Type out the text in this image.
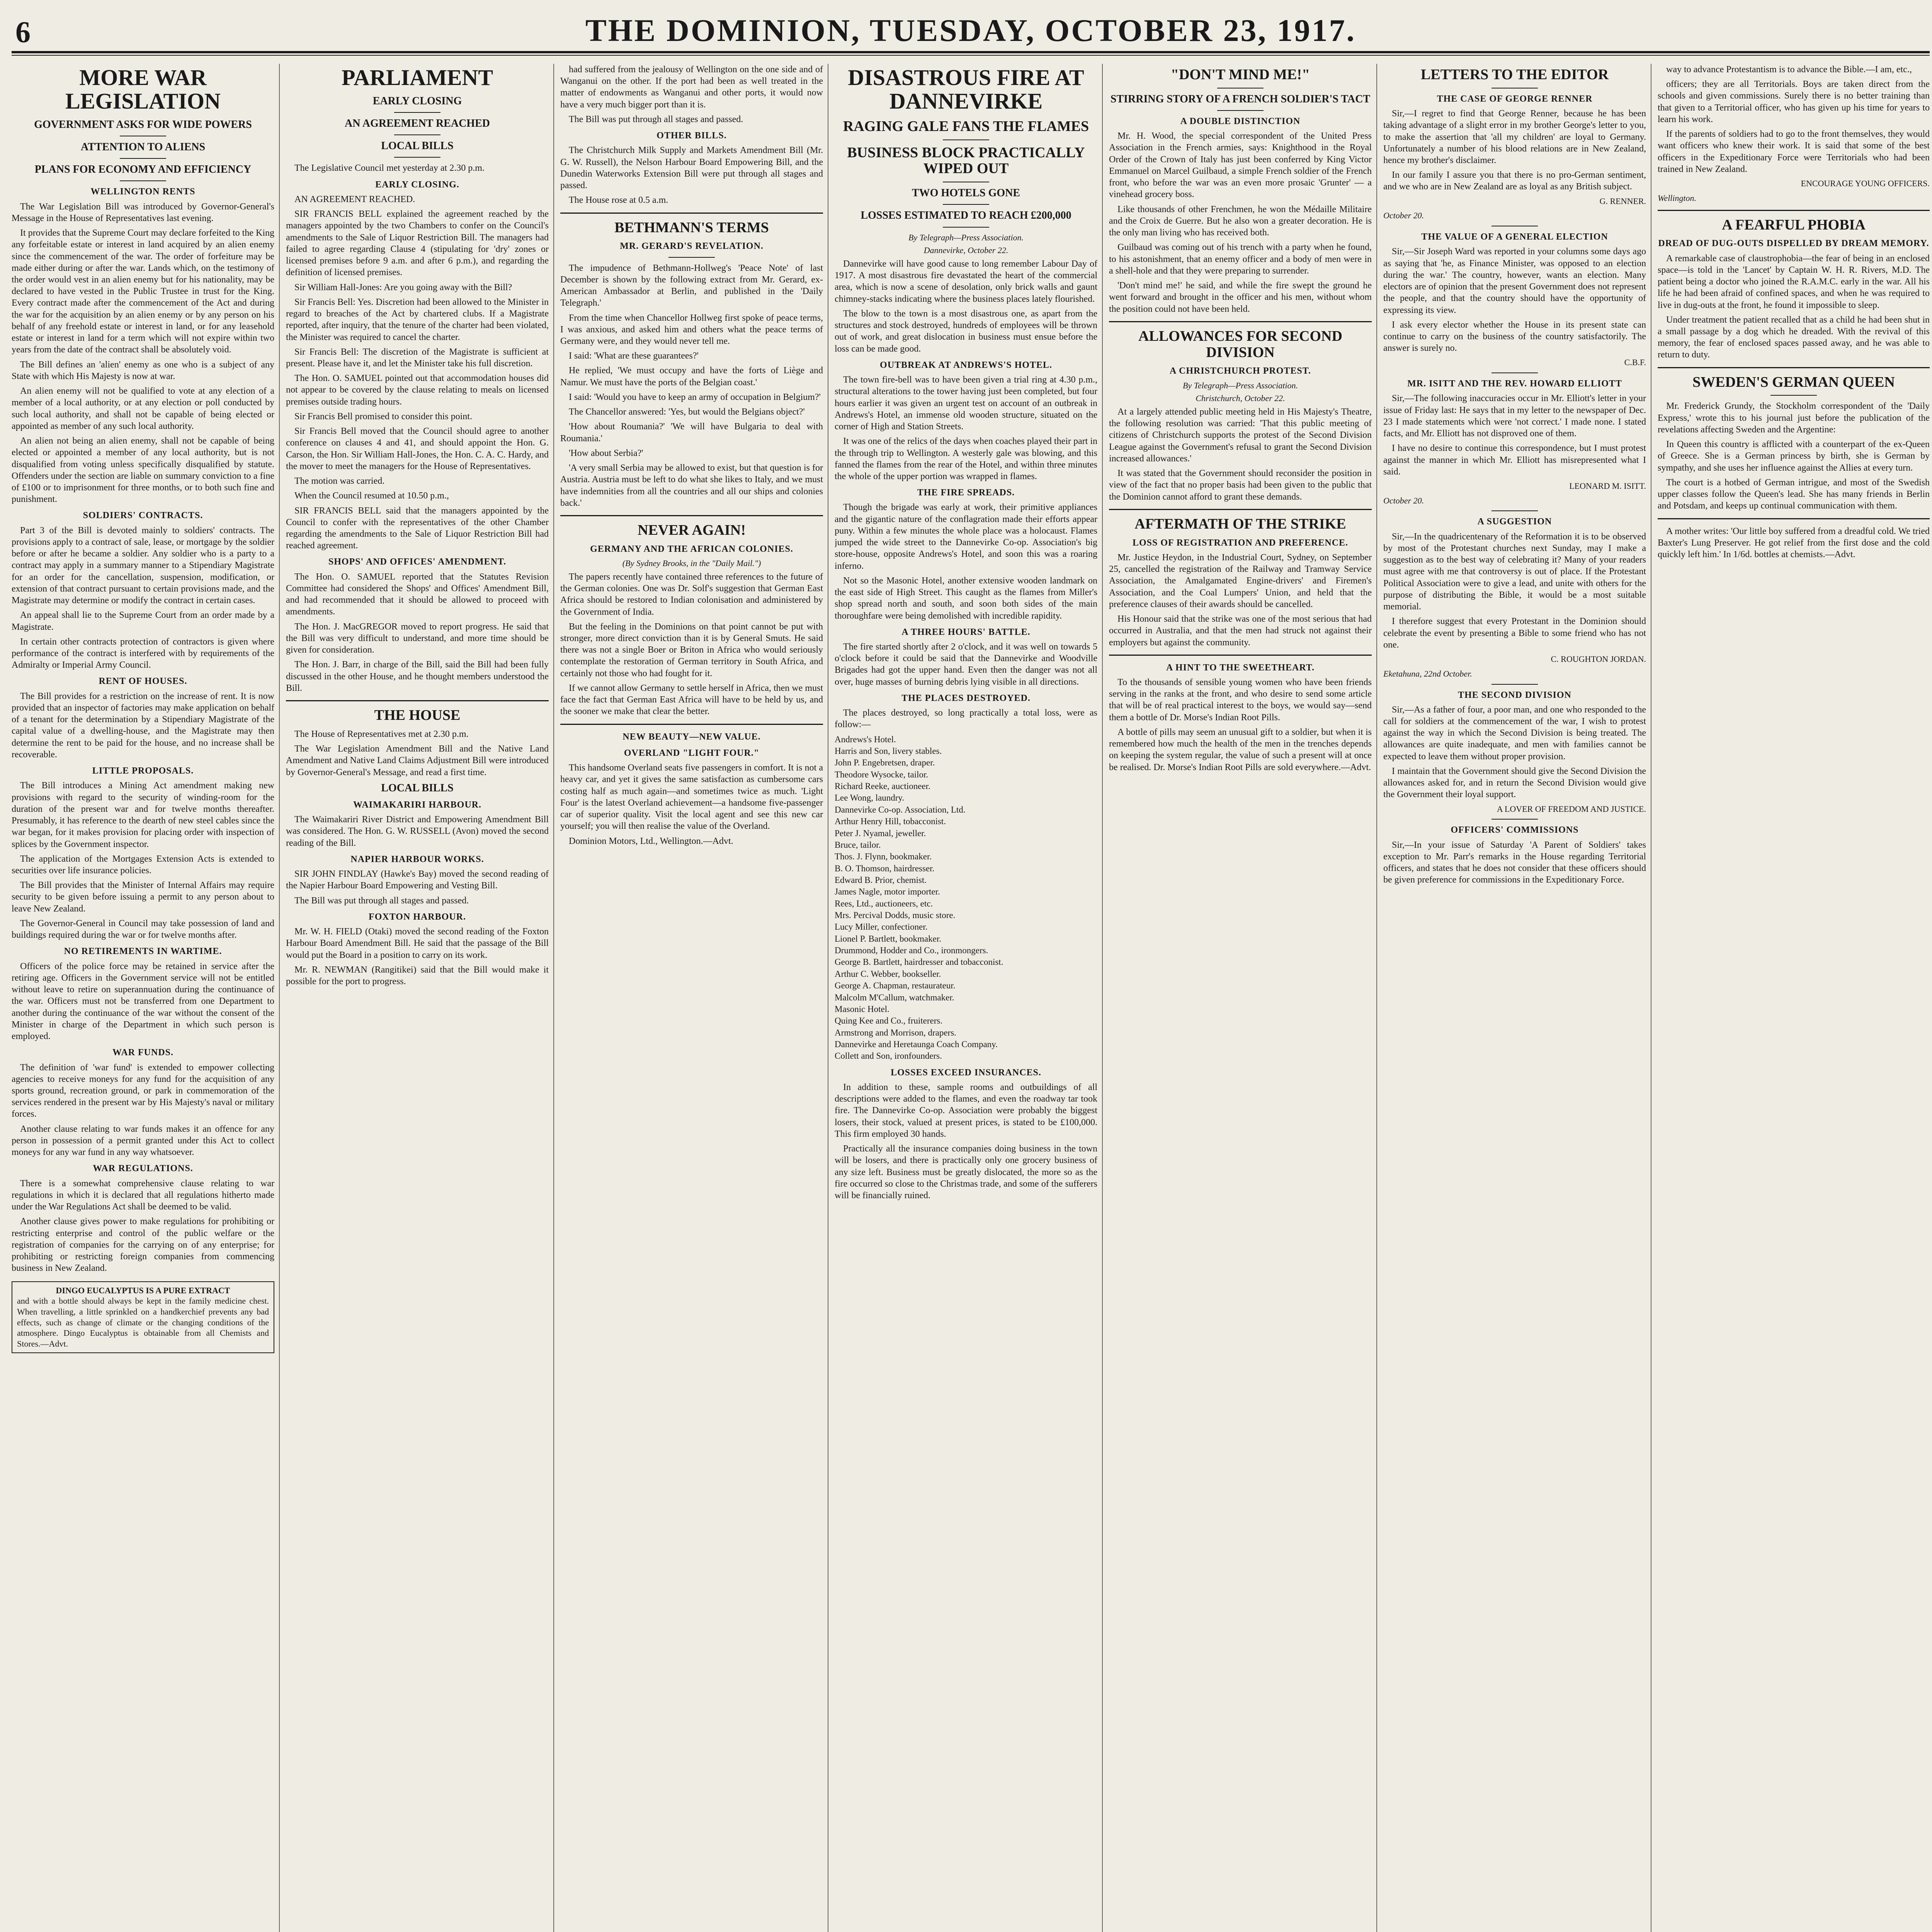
6	THE DOMINION, TUESDAY, OCTOBER 23, 1917.
MORE WAR LEGISLATION
GOVERNMENT ASKS FOR WIDE POWERS
ATTENTION TO ALIENS
PLANS FOR ECONOMY AND EFFICIENCY
WELLINGTON RENTS

The War Legislation Bill was introduced by Governor-General's Message in the House of Representatives last evening.

It provides that the Supreme Court may declare forfeited to the King any forfeitable estate or interest in land acquired by an alien enemy since the commencement of the war. The order of forfeiture may be made either during or after the war. Lands which, on the testimony of the order would vest in an alien enemy but for his nationality, may be declared to have vested in the Public Trustee in trust for the King. Every contract made after the commencement of the Act and during the war for the acquisition by an alien enemy or by any person on his behalf of any freehold estate or interest in land, or for any leasehold estate or interest in land for a term which will not expire within two years from the date of the contract shall be absolutely void.

The Bill defines an 'alien' enemy as one who is a subject of any State with which His Majesty is now at war.

An alien enemy will not be qualified to vote at any election of a member of a local authority, or at any election or poll conducted by such local authority, and shall not be capable of being elected or appointed as member of any such local authority.

An alien not being an alien enemy, shall not be capable of being elected or appointed a member of any local authority, but is not disqualified from voting unless specifically disqualified by statute. Offenders under the section are liable on summary conviction to a fine of £100 or to imprisonment for three months, or to both such fine and punishment.

SOLDIERS' CONTRACTS.

Part 3 of the Bill is devoted mainly to soldiers' contracts. The provisions apply to a contract of sale, lease, or mortgage by the soldier before or after he became a soldier. Any soldier who is a party to a contract may apply in a summary manner to a Stipendiary Magistrate for an order for the cancellation, suspension, modification, or extension of that contract pursuant to certain provisions made, and the Magistrate may determine or modify the contract in certain cases.

An appeal shall lie to the Supreme Court from an order made by a Magistrate.

In certain other contracts protection of contractors is given where performance of the contract is interfered with by requirements of the Admiralty or Imperial Army Council.

RENT OF HOUSES.

The Bill provides for a restriction on the increase of rent. It is now provided that an inspector of factories may make application on behalf of a tenant for the determination by a Stipendiary Magistrate of the capital value of a dwelling-house, and the Magistrate may then determine the rent to be paid for the house, and no increase shall be recoverable.

LITTLE PROPOSALS.

The Bill introduces a Mining Act amendment making new provisions with regard to the security of winding-room for the duration of the present war and for twelve months thereafter. Presumably, it has reference to the dearth of new steel cables since the war began, for it makes provision for placing order with inspection of splices by the Government inspector.

The application of the Mortgages Extension Acts is extended to securities over life insurance policies.

The Bill provides that the Minister of Internal Affairs may require security to be given before issuing a permit to any person about to leave New Zealand.

The Governor-General in Council may take possession of land and buildings required during the war or for twelve months after.

NO RETIREMENTS IN WARTIME.

Officers of the police force may be retained in service after the retiring age. Officers in the Government service will not be entitled without leave to retire on superannuation during the continuance of the war. Officers must not be transferred from one Department to another during the continuance of the war without the consent of the Minister in charge of the Department in which such person is employed.

WAR FUNDS.

The definition of 'war fund' is extended to empower collecting agencies to receive moneys for any fund for the acquisition of any sports ground, recreation ground, or park in commemoration of the services rendered in the present war by His Majesty's naval or military forces.

Another clause relating to war funds makes it an offence for any person in possession of a permit granted under this Act to collect moneys for any war fund in any way whatsoever.

WAR REGULATIONS.

There is a somewhat comprehensive clause relating to war regulations in which it is declared that all regulations hitherto made under the War Regulations Act shall be deemed to be valid.

Another clause gives power to make regulations for prohibiting or restricting enterprise and control of the public welfare or the registration of companies for the carrying on of any enterprise; for prohibiting or restricting foreign companies from commencing business in New Zealand.

DINGO EUCALYPTUS IS A PURE EXTRACT
and with a bottle should always be kept in the family medicine chest. When travelling, a little sprinkled on a handkerchief prevents any bad effects, such as change of climate or the changing conditions of the atmosphere. Dingo Eucalyptus is obtainable from all Chemists and Stores.—Advt.
PARLIAMENT
EARLY CLOSING
AN AGREEMENT REACHED
LOCAL BILLS

The Legislative Council met yesterday at 2.30 p.m.

EARLY CLOSING.

AN AGREEMENT REACHED.

SIR FRANCIS BELL explained the agreement reached by the managers appointed by the two Chambers to confer on the Council's amendments to the Sale of Liquor Restriction Bill. The managers had failed to agree regarding Clause 4 (stipulating for 'dry' zones or licensed premises before 9 a.m. and after 6 p.m.), and regarding the definition of licensed premises.

Sir William Hall-Jones: Are you going away with the Bill?

Sir Francis Bell: Yes. Discretion had been allowed to the Minister in regard to breaches of the Act by chartered clubs. If a Magistrate reported, after inquiry, that the tenure of the charter had been violated, the Minister was required to cancel the charter.

Sir Francis Bell: The discretion of the Magistrate is sufficient at present. Please have it, and let the Minister take his full discretion.

The Hon. O. SAMUEL pointed out that accommodation houses did not appear to be covered by the clause relating to meals on licensed premises outside trading hours.

Sir Francis Bell promised to consider this point.

Sir Francis Bell moved that the Council should agree to another conference on clauses 4 and 41, and should appoint the Hon. G. Carson, the Hon. Sir William Hall-Jones, the Hon. C. A. C. Hardy, and the mover to meet the managers for the House of Representatives.

The motion was carried.

When the Council resumed at 10.50 p.m.,

SIR FRANCIS BELL said that the managers appointed by the Council to confer with the representatives of the other Chamber regarding the amendments to the Sale of Liquor Restriction Bill had reached agreement.

SHOPS' AND OFFICES' AMENDMENT.

The Hon. O. SAMUEL reported that the Statutes Revision Committee had considered the Shops' and Offices' Amendment Bill, and had recommended that it should be allowed to proceed with amendments.

The Hon. J. MacGREGOR moved to report progress. He said that the Bill was very difficult to understand, and more time should be given for consideration.

The Hon. J. Barr, in charge of the Bill, said the Bill had been fully discussed in the other House, and he thought members understood the Bill.

THE HOUSE

The House of Representatives met at 2.30 p.m.

The War Legislation Amendment Bill and the Native Land Amendment and Native Land Claims Adjustment Bill were introduced by Governor-General's Message, and read a first time.

LOCAL BILLS
WAIMAKARIRI HARBOUR.

The Waimakariri River District and Empowering Amendment Bill was considered. The Hon. G. W. RUSSELL (Avon) moved the second reading of the Bill.

NAPIER HARBOUR WORKS.

SIR JOHN FINDLAY (Hawke's Bay) moved the second reading of the Napier Harbour Board Empowering and Vesting Bill.

The Bill was put through all stages and passed.

FOXTON HARBOUR.

Mr. W. H. FIELD (Otaki) moved the second reading of the Foxton Harbour Board Amendment Bill. He said that the passage of the Bill would put the Board in a position to carry on its work.

Mr. R. NEWMAN (Rangitikei) said that the Bill would make it possible for the port to progress.

had suffered from the jealousy of Wellington on the one side and of Wanganui on the other. If the port had been as well treated in the matter of endowments as Wanganui and other ports, it would now have a very much bigger port than it is.

The Bill was put through all stages and passed.

OTHER BILLS.

The Christchurch Milk Supply and Markets Amendment Bill (Mr. G. W. Russell), the Nelson Harbour Board Empowering Bill, and the Dunedin Waterworks Extension Bill were put through all stages and passed.

The House rose at 0.5 a.m.

BETHMANN'S TERMS
MR. GERARD'S REVELATION.

The impudence of Bethmann-Hollweg's 'Peace Note' of last December is shown by the following extract from Mr. Gerard, ex-American Ambassador at Berlin, and published in the 'Daily Telegraph.'

From the time when Chancellor Hollweg first spoke of peace terms, I was anxious, and asked him and others what the peace terms of Germany were, and they would never tell me.

I said: 'What are these guarantees?'

He replied, 'We must occupy and have the forts of Liège and Namur. We must have the ports of the Belgian coast.'

I said: 'Would you have to keep an army of occupation in Belgium?'

The Chancellor answered: 'Yes, but would the Belgians object?'

'How about Roumania?' 'We will have Bulgaria to deal with Roumania.'

'How about Serbia?'

'A very small Serbia may be allowed to exist, but that question is for Austria. Austria must be left to do what she likes to Italy, and we must have indemnities from all the countries and all our ships and colonies back.'

NEVER AGAIN!
GERMANY AND THE AFRICAN COLONIES.
(By Sydney Brooks, in the "Daily Mail.")

The papers recently have contained three references to the future of the German colonies. One was Dr. Solf's suggestion that German East Africa should be restored to Indian colonisation and administered by the Government of India.

But the feeling in the Dominions on that point cannot be put with stronger, more direct conviction than it is by General Smuts. He said there was not a single Boer or Briton in Africa who would seriously contemplate the restoration of German territory in South Africa, and certainly not those who had fought for it.

If we cannot allow Germany to settle herself in Africa, then we must face the fact that German East Africa will have to be held by us, and the sooner we make that clear the better.

NEW BEAUTY—NEW VALUE.
OVERLAND "LIGHT FOUR."

This handsome Overland seats five passengers in comfort. It is not a heavy car, and yet it gives the same satisfaction as cumbersome cars costing half as much again—and sometimes twice as much. 'Light Four' is the latest Overland achievement—a handsome five-passenger car of superior quality. Visit the local agent and see this new car yourself; you will then realise the value of the Overland.

Dominion Motors, Ltd., Wellington.—Advt.

DISASTROUS FIRE AT DANNEVIRKE
RAGING GALE FANS THE FLAMES
BUSINESS BLOCK PRACTICALLY WIPED OUT
TWO HOTELS GONE
LOSSES ESTIMATED TO REACH £200,000
By Telegraph—Press Association.
Dannevirke, October 22.

Dannevirke will have good cause to long remember Labour Day of 1917. A most disastrous fire devastated the heart of the commercial area, which is now a scene of desolation, only brick walls and gaunt chimney-stacks indicating where the business places lately flourished.

The blow to the town is a most disastrous one, as apart from the structures and stock destroyed, hundreds of employees will be thrown out of work, and great dislocation in business must ensue before the loss can be made good.

OUTBREAK AT ANDREWS'S HOTEL.

The town fire-bell was to have been given a trial ring at 4.30 p.m., structural alterations to the tower having just been completed, but four hours earlier it was given an urgent test on account of an outbreak in Andrews's Hotel, an immense old wooden structure, situated on the corner of High and Station Streets.

It was one of the relics of the days when coaches played their part in the through trip to Wellington. A westerly gale was blowing, and this fanned the flames from the rear of the Hotel, and within three minutes the whole of the upper portion was wrapped in flames.

THE FIRE SPREADS.

Though the brigade was early at work, their primitive appliances and the gigantic nature of the conflagration made their efforts appear puny. Within a few minutes the whole place was a holocaust. Flames jumped the wide street to the Dannevirke Co-op. Association's big store-house, opposite Andrews's Hotel, and soon this was a roaring inferno.

Not so the Masonic Hotel, another extensive wooden landmark on the east side of High Street. This caught as the flames from Miller's shop spread north and south, and soon both sides of the main thoroughfare were being demolished with incredible rapidity.

A THREE HOURS' BATTLE.

The fire started shortly after 2 o'clock, and it was well on towards 5 o'clock before it could be said that the Dannevirke and Woodville Brigades had got the upper hand. Even then the danger was not all over, huge masses of burning debris lying visible in all directions.

THE PLACES DESTROYED.

The places destroyed, so long practically a total loss, were as follow:—

Andrews's Hotel.
Harris and Son, livery stables.
John P. Engebretsen, draper.
Theodore Wysocke, tailor.
Richard Reeke, auctioneer.
Lee Wong, laundry.
Dannevirke Co-op. Association, Ltd.
Arthur Henry Hill, tobacconist.
Peter J. Nyamal, jeweller.
Bruce, tailor.
Thos. J. Flynn, bookmaker.
B. O. Thomson, hairdresser.
Edward B. Prior, chemist.
James Nagle, motor importer.
Rees, Ltd., auctioneers, etc.
Mrs. Percival Dodds, music store.
Lucy Miller, confectioner.
Lionel P. Bartlett, bookmaker.
Drummond, Hodder and Co., ironmongers.
George B. Bartlett, hairdresser and tobacconist.
Arthur C. Webber, bookseller.
George A. Chapman, restaurateur.
Malcolm M'Callum, watchmaker.
Masonic Hotel.
Quing Kee and Co., fruiterers.
Armstrong and Morrison, drapers.
Dannevirke and Heretaunga Coach Company.
Collett and Son, ironfounders.
LOSSES EXCEED INSURANCES.

In addition to these, sample rooms and outbuildings of all descriptions were added to the flames, and even the roadway tar took fire. The Dannevirke Co-op. Association were probably the biggest losers, their stock, valued at present prices, is stated to be £100,000. This firm employed 30 hands.

Practically all the insurance companies doing business in the town will be losers, and there is practically only one grocery business of any size left. Business must be greatly dislocated, the more so as the fire occurred so close to the Christmas trade, and some of the sufferers will be financially ruined.

"DON'T MIND ME!"
STIRRING STORY OF A FRENCH SOLDIER'S TACT
A DOUBLE DISTINCTION

Mr. H. Wood, the special correspondent of the United Press Association in the French armies, says: Knighthood in the Royal Order of the Crown of Italy has just been conferred by King Victor Emmanuel on Marcel Guilbaud, a simple French soldier of the French front, who before the war was an even more prosaic 'Grunter' — a vinehead grocery boss.

Like thousands of other Frenchmen, he won the Médaille Militaire and the Croix de Guerre. But he also won a greater decoration. He is the only man living who has received both.

Guilbaud was coming out of his trench with a party when he found, to his astonishment, that an enemy officer and a body of men were in a shell-hole and that they were preparing to surrender.

'Don't mind me!' he said, and while the fire swept the ground he went forward and brought in the officer and his men, without whom the position could not have been held.

ALLOWANCES FOR SECOND DIVISION
A CHRISTCHURCH PROTEST.
By Telegraph—Press Association.
Christchurch, October 22.

At a largely attended public meeting held in His Majesty's Theatre, the following resolution was carried: 'That this public meeting of citizens of Christchurch supports the protest of the Second Division League against the Government's refusal to grant the Second Division increased allowances.'

It was stated that the Government should reconsider the position in view of the fact that no proper basis had been given to the public that the Dominion cannot afford to grant these demands.

AFTERMATH OF THE STRIKE
LOSS OF REGISTRATION AND PREFERENCE.

Mr. Justice Heydon, in the Industrial Court, Sydney, on September 25, cancelled the registration of the Railway and Tramway Service Association, the Amalgamated Engine-drivers' and Firemen's Association, and the Coal Lumpers' Union, and held that the preference clauses of their awards should be cancelled.

His Honour said that the strike was one of the most serious that had occurred in Australia, and that the men had struck not against their employers but against the community.

A HINT TO THE SWEETHEART.

To the thousands of sensible young women who have been friends serving in the ranks at the front, and who desire to send some article that will be of real practical interest to the boys, we would say—send them a bottle of Dr. Morse's Indian Root Pills.

A bottle of pills may seem an unusual gift to a soldier, but when it is remembered how much the health of the men in the trenches depends on keeping the system regular, the value of such a present will at once be realised. Dr. Morse's Indian Root Pills are sold everywhere.—Advt.

LETTERS TO THE EDITOR
THE CASE OF GEORGE RENNER

Sir,—I regret to find that George Renner, because he has been taking advantage of a slight error in my brother George's letter to you, to make the assertion that 'all my children' are loyal to Germany. Unfortunately a number of his blood relations are in New Zealand, hence my brother's disclaimer.

In our family I assure you that there is no pro-German sentiment, and we who are in New Zealand are as loyal as any British subject.

G. RENNER.
October 20.
THE VALUE OF A GENERAL ELECTION

Sir,—Sir Joseph Ward was reported in your columns some days ago as saying that 'he, as Finance Minister, was opposed to an election during the war.' The country, however, wants an election. Many electors are of opinion that the present Government does not represent the people, and that the country should have the opportunity of expressing its view.

I ask every elector whether the House in its present state can continue to carry on the business of the country satisfactorily. The answer is surely no.

C.B.F.
MR. ISITT AND THE REV. HOWARD ELLIOTT

Sir,—The following inaccuracies occur in Mr. Elliott's letter in your issue of Friday last: He says that in my letter to the newspaper of Dec. 23 I made statements which were 'not correct.' I made none. I stated facts, and Mr. Elliott has not disproved one of them.

I have no desire to continue this correspondence, but I must protest against the manner in which Mr. Elliott has misrepresented what I said.

LEONARD M. ISITT.
October 20.
A SUGGESTION

Sir,—In the quadricentenary of the Reformation it is to be observed by most of the Protestant churches next Sunday, may I make a suggestion as to the best way of celebrating it? Many of your readers must agree with me that controversy is out of place. If the Protestant Political Association were to give a lead, and unite with others for the purpose of distributing the Bible, it would be a most suitable memorial.

I therefore suggest that every Protestant in the Dominion should celebrate the event by presenting a Bible to some friend who has not one.

C. ROUGHTON JORDAN.
Eketahuna, 22nd October.
THE SECOND DIVISION

Sir,—As a father of four, a poor man, and one who responded to the call for soldiers at the commencement of the war, I wish to protest against the way in which the Second Division is being treated. The allowances are quite inadequate, and men with families cannot be expected to leave them without proper provision.

I maintain that the Government should give the Second Division the allowances asked for, and in return the Second Division would give the Government their loyal support.

A LOVER OF FREEDOM AND JUSTICE.
OFFICERS' COMMISSIONS

Sir,—In your issue of Saturday 'A Parent of Soldiers' takes exception to Mr. Parr's remarks in the House regarding Territorial officers, and states that he does not consider that these officers should be given preference for commissions in the Expeditionary Force.

way to advance Protestantism is to advance the Bible.—I am, etc.,

officers; they are all Territorials. Boys are taken direct from the schools and given commissions. Surely there is no better training than that given to a Territorial officer, who has given up his time for years to learn his work.

If the parents of soldiers had to go to the front themselves, they would want officers who knew their work. It is said that some of the best officers in the Expeditionary Force were Territorials who had been trained in New Zealand.

ENCOURAGE YOUNG OFFICERS.
Wellington.
A FEARFUL PHOBIA
DREAD OF DUG-OUTS DISPELLED BY DREAM MEMORY.

A remarkable case of claustrophobia—the fear of being in an enclosed space—is told in the 'Lancet' by Captain W. H. R. Rivers, M.D. The patient being a doctor who joined the R.A.M.C. early in the war. All his life he had been afraid of confined spaces, and when he was required to live in dug-outs at the front, he found it impossible to sleep.

Under treatment the patient recalled that as a child he had been shut in a small passage by a dog which he dreaded. With the revival of this memory, the fear of enclosed spaces passed away, and he was able to return to duty.

SWEDEN'S GERMAN QUEEN

Mr. Frederick Grundy, the Stockholm correspondent of the 'Daily Express,' wrote this to his journal just before the publication of the revelations affecting Sweden and the Argentine:

In Queen this country is afflicted with a counterpart of the ex-Queen of Greece. She is a German princess by birth, she is German by sympathy, and she uses her influence against the Allies at every turn.

The court is a hotbed of German intrigue, and most of the Swedish upper classes follow the Queen's lead. She has many friends in Berlin and Potsdam, and keeps up continual communication with them.

A mother writes: 'Our little boy suffered from a dreadful cold. We tried Baxter's Lung Preserver. He got relief from the first dose and the cold quickly left him.' In 1/6d. bottles at chemists.—Advt.
